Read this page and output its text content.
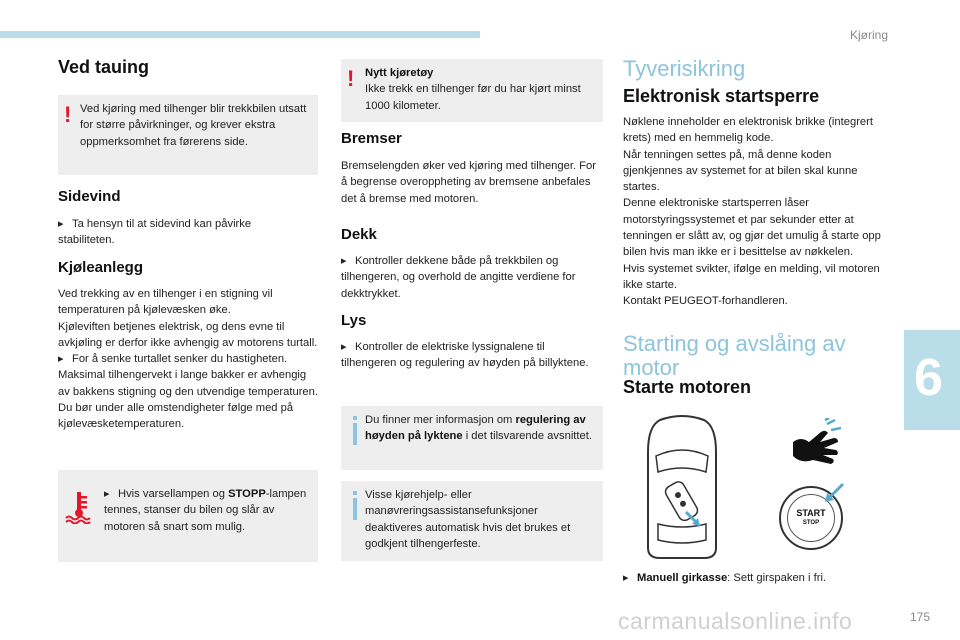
Kjøring
Ved tauing
! Ved kjøring med tilhenger blir trekkbilen utsatt for større påvirkninger, og krever ekstra oppmerksomhet fra førerens side.
Sidevind
▸ Ta hensyn til at sidevind kan påvirke stabiliteten.
Kjøleanlegg
Ved trekking av en tilhenger i en stigning vil temperaturen på kjølevæsken øke.
Kjøleviften betjenes elektrisk, og dens evne til avkjøling er derfor ikke avhengig av motorens turtall.
▸ For å senke turtallet senker du hastigheten.
Maksimal tilhengervekt i lange bakker er avhengig av bakkens stigning og den utvendige temperaturen.
Du bør under alle omstendigheter følge med på kjølevæsketemperaturen.
▸ Hvis varsellampen og STOPP-lampen tennes, stanser du bilen og slår av motoren så snart som mulig.
! Nytt kjøretøy
Ikke trekk en tilhenger før du har kjørt minst 1000 kilometer.
Bremser
Bremselengden øker ved kjøring med tilhenger. For å begrense overoppheting av bremsene anbefales det å bremse med motoren.
Dekk
▸ Kontroller dekkene både på trekkbilen og tilhengeren, og overhold de angitte verdiene for dekktrykket.
Lys
▸ Kontroller de elektriske lyssignalene til tilhengeren og regulering av høyden på billyktene.
Du finner mer informasjon om regulering av høyden på lyktene i det tilsvarende avsnittet.
Visse kjørehjelp- eller manøvreringsassistansefunksjoner deaktiveres automatisk hvis det brukes et godkjent tilhengerfeste.
Tyverisikring
Elektronisk startsperre
Nøklene inneholder en elektronisk brikke (integrert krets) med en hemmelig kode.
Når tenningen settes på, må denne koden gjenkjennes av systemet for at bilen skal kunne startes.
Denne elektroniske startsperren låser motorstyringssystemet et par sekunder etter at tenningen er slått av, og gjør det umulig å starte opp bilen hvis man ikke er i besittelse av nøkkelen.
Hvis systemet svikter, ifølge en melding, vil motoren ikke starte.
Kontakt PEUGEOT-forhandleren.
Starting og avslåing av motor
Starte motoren
START
STOP
▸ Manuell girkasse: Sett girspaken i fri.
6
carmanualsonline.info	175
